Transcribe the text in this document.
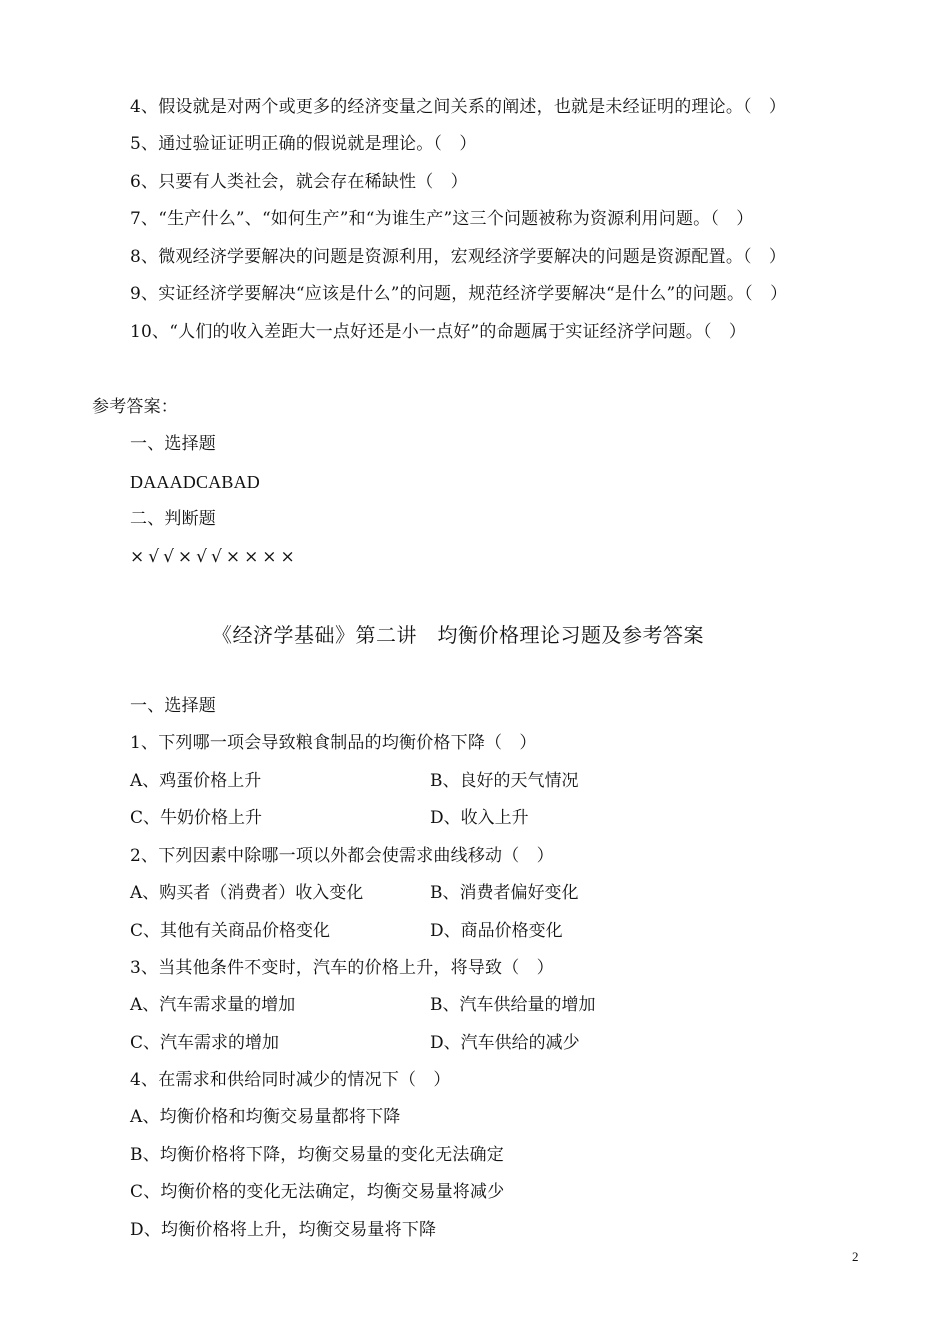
4、假设就是对两个或更多的经济变量之间关系的阐述，也就是未经证明的理论。（　）
5、通过验证证明正确的假说就是理论。（　）
6、只要有人类社会，就会存在稀缺性（　）
7、“生产什么”、“如何生产”和“为谁生产”这三个问题被称为资源利用问题。（　）
8、微观经济学要解决的问题是资源利用，宏观经济学要解决的问题是资源配置。（　）
9、实证经济学要解决“应该是什么”的问题，规范经济学要解决“是什么”的问题。（　）
10、“人们的收入差距大一点好还是小一点好”的命题属于实证经济学问题。（　）
参考答案：
一、选择题
DAAADCABAD
二、判断题
×√√×√√××××
《经济学基础》第二讲　均衡价格理论习题及参考答案
一、选择题
1、下列哪一项会导致粮食制品的均衡价格下降（　）
A、鸡蛋价格上升	B、良好的天气情况
C、牛奶价格上升	D、收入上升
2、下列因素中除哪一项以外都会使需求曲线移动（　）
A、购买者（消费者）收入变化	B、消费者偏好变化
C、其他有关商品价格变化	D、商品价格变化
3、当其他条件不变时，汽车的价格上升，将导致（　）
A、汽车需求量的增加	B、汽车供给量的增加
C、汽车需求的增加	D、汽车供给的减少
4、在需求和供给同时减少的情况下（　）
A、均衡价格和均衡交易量都将下降
B、均衡价格将下降，均衡交易量的变化无法确定
C、均衡价格的变化无法确定，均衡交易量将减少
D、均衡价格将上升，均衡交易量将下降
2
